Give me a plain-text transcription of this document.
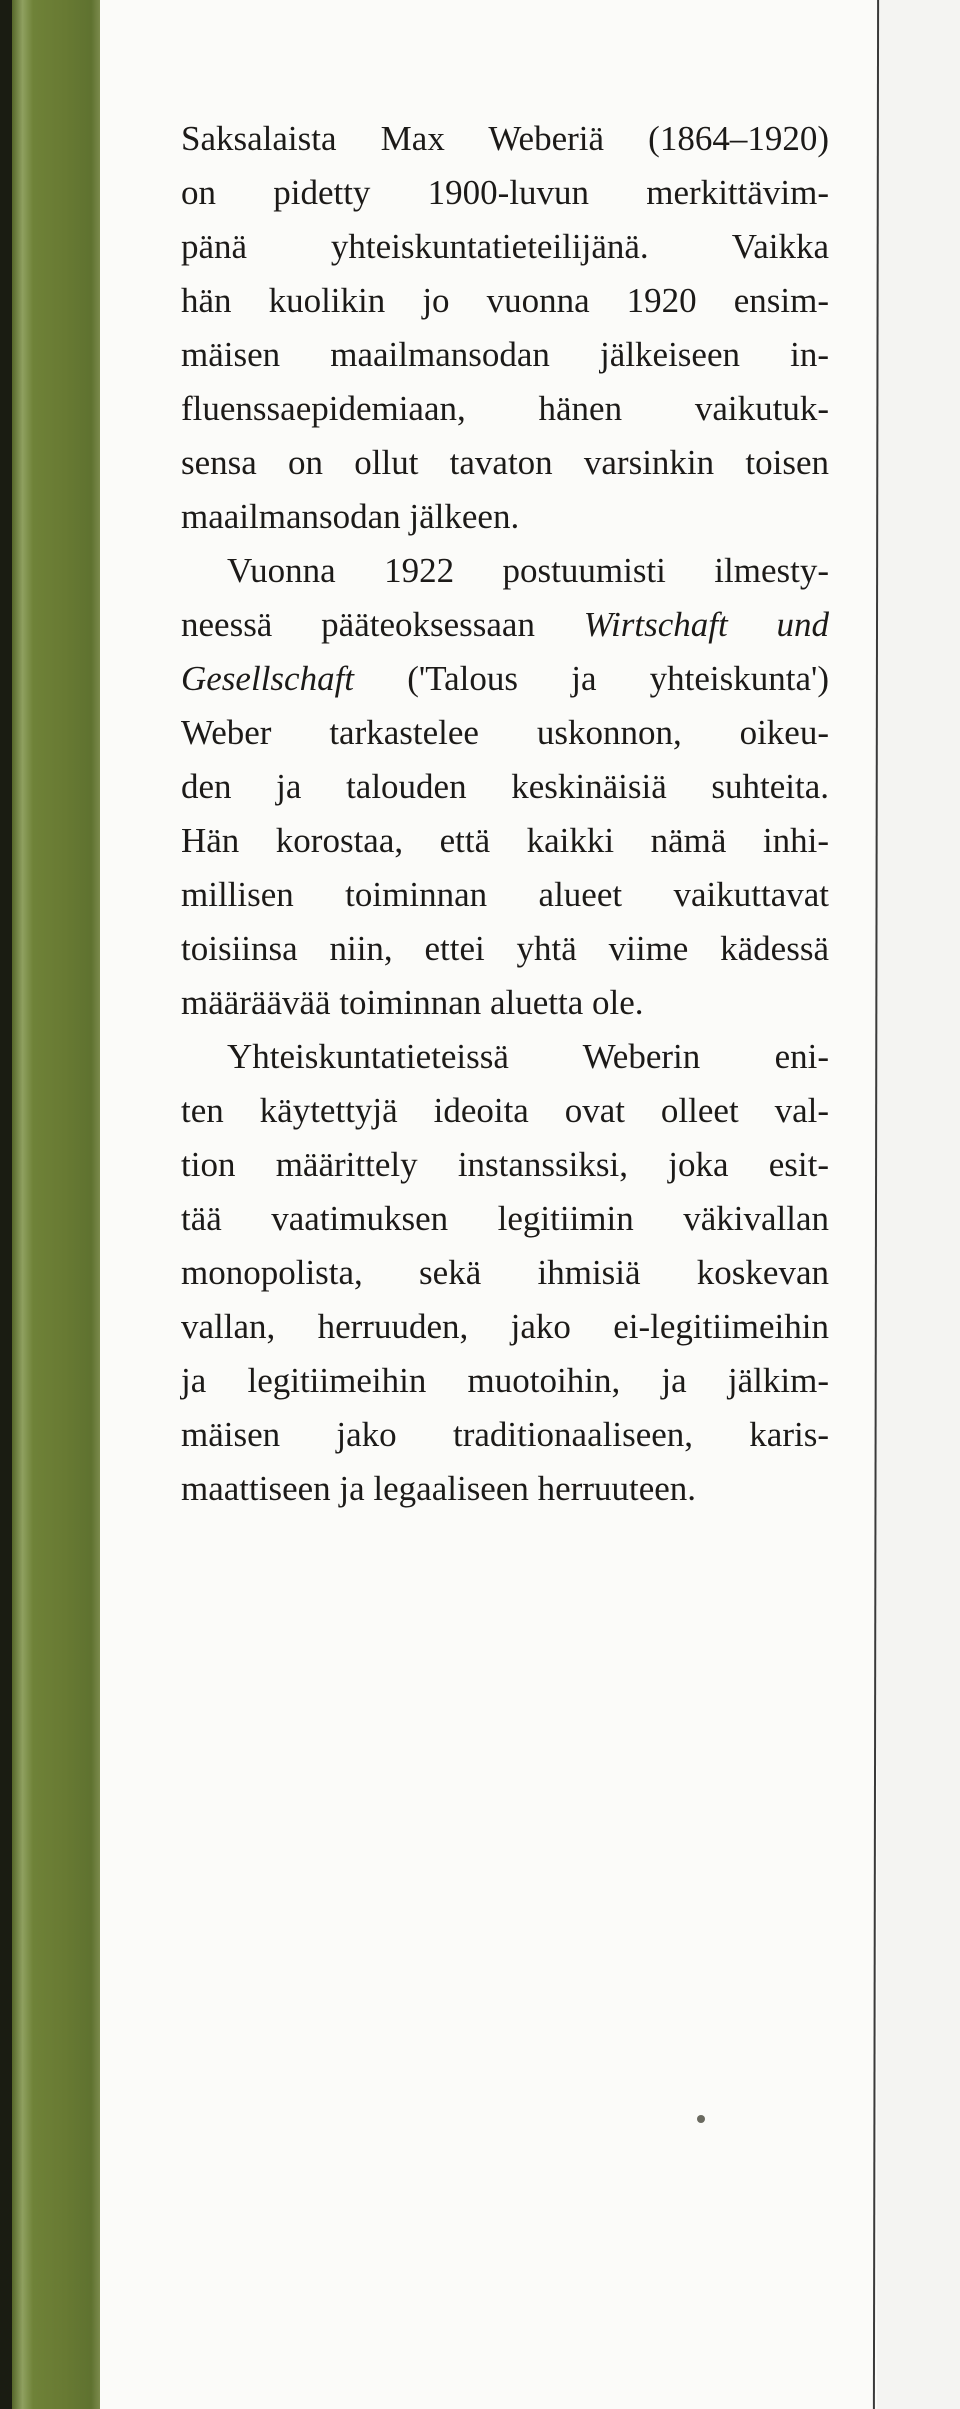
Saksalaista Max Weberiä (1864–1920)
on pidetty 1900-luvun merkittävim-
pänä yhteiskuntatieteilijänä. Vaikka
hän kuolikin jo vuonna 1920 ensim-
mäisen maailmansodan jälkeiseen in-
fluenssaepidemiaan, hänen vaikutuk-
sensa on ollut tavaton varsinkin toisen
maailmansodan jälkeen.
Vuonna 1922 postuumisti ilmesty-
neessä pääteoksessaan Wirtschaft und
Gesellschaft ('Talous ja yhteiskunta')
Weber tarkastelee uskonnon, oikeu-
den ja talouden keskinäisiä suhteita.
Hän korostaa, että kaikki nämä inhi-
millisen toiminnan alueet vaikuttavat
toisiinsa niin, ettei yhtä viime kädessä
määräävää toiminnan aluetta ole.
Yhteiskuntatieteissä Weberin eni-
ten käytettyjä ideoita ovat olleet val-
tion määrittely instanssiksi, joka esit-
tää vaatimuksen legitiimin väkivallan
monopolista, sekä ihmisiä koskevan
vallan, herruuden, jako ei-legitiimeihin
ja legitiimeihin muotoihin, ja jälkim-
mäisen jako traditionaaliseen, karis-
maattiseen ja legaaliseen herruuteen.
